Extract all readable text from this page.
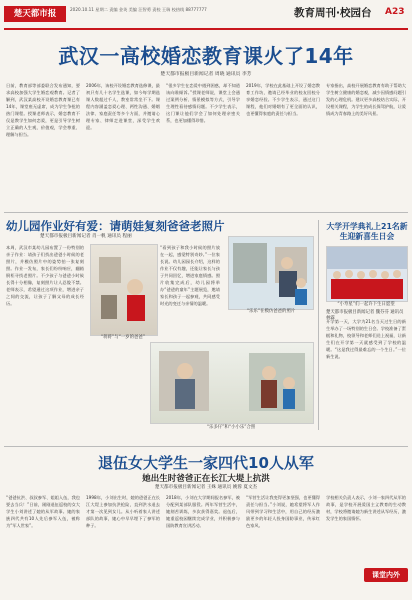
楚天都市报	2020.10.11 星期二 责编 金英 美编 汪智勇 责校 王瑞 校热线 88777777	教育周刊·校园台 A23
武汉一高校婚恋教育课火了14年
楚天都市报极目新闻记者 周晓 通讯员 李芳
日前，教育部等部委联合发布通知，要求高校加强大学生婚恋观教育。记者了解到，武汉某高校开设婚恋教育课已有14年，课堂座无虚席，成为学生争抢的热门课程。授课老师表示，婚恋教育不仅是教学生如何恋爱，更是引导学生树立正确的人生观、价值观，学会尊重、理解与担当。
2006年，该校开设婚恋教育选修课，最初只有几十名学生选课，如今每学期选课人数超过千人，教室常常坐不下。课程内容涵盖恋爱心理、两性沟通、婚姻法律、家庭责任等多个方面，并邀请心理专家、律师走进课堂，深受学生欢迎。
“很多学生在恋爱中遇到困惑，却不知道该向谁倾诉。”授课老师说，课堂上会通过案例分析、情景模拟等方式，引导学生理性看待感情问题。不少学生表示，这门课让他们学会了如何处理亲密关系，也更加懂得珍惜。
2019年，学校在此基础上开设了婚恋教育工作坊，邀请已经毕业的校友回校分享婚恋经验。不少学生表示，通过这门课程，他们对婚姻有了更全面的认识，也更懂得家庭的责任与担当。
专家指出，高校开展婚恋教育有助于帮助大学生树立健康的婚恋观，减少因情感问题引发的心理危机。建议更多高校结合实际，开设相关课程，为学生的成长保驾护航，让爱情成为青春路上的美好风景。
幼儿园作业好有爱：请萌娃复刻爸爸老照片
楚天都市报极目新闻记者 肖一帆 通讯员 程丽
本周，武汉市某幼儿园布置了一份特别的亲子作业：请孩子们找出爸爸小时候的老照片，并模仿照片中的姿势拍一张复刻照。作业一发布，家长们纷纷响应，翻箱倒柜寻找老照片。不少孩子与爸爸小时候长得十分相像，复刻照片让人忍俊不禁。老师表示，希望通过这项作业，增进亲子之间的交流，让孩子了解父母的成长经历。
“看到孩子和我小时候的照片放在一起，感觉特别奇妙。”一位家长说。幼儿园园长介绍，这样的作业不仅有趣，还能让家长与孩子共同回忆，增进家庭情感。照片收集完成后，幼儿园将举办“爸爸的童年”主题展览，邀请家长和孩子一起参观，共同感受时光的变迁与亲情的温暖。
“蒋蒋”与“一岁的爸爸”
“乐乐”在模仿爸爸的照片
“乐多仔”和“小小乐”合照
大学开学典礼上21名新生迎新喜生日会
“小寿星”们一起许下生日愿望
楚天都市报极目新闻记者 魏芬芬 通讯员 林霖
开学第一天，大学为21名当天过生日的新生举办了一场特别的生日会。学校准备了蛋糕和礼物，校领导和老师们送上祝福，让新生们在开学第一天就感受到了学校的温暖。“这是我过得最难忘的一个生日。”一位新生说。
退伍女大学生一家四代10人从军
她出生时爸爸正在长江大堤上抗洪
楚天都市报极目新闻记者 王姝 通讯员 姚蓉 夏文杰
“爸爸抗洪、叔叔参军、姐姐入伍，我也要去当兵！”日前，刚刚退伍返校的女大学生小刘讲述了她的从军故事。她的家族四代共有10人先后参军入伍，被称为“军人世家”。
1998年，小刘出生时，她的爸爸正在长江大堤上参加抗洪抢险，直到洪水退去才第一次见到女儿。从小听着家人讲述部队的故事，她心中早早埋下了参军的种子。
2018年，小刘在大学期间报名参军，被分配到某部队服役。两年军营生活中，她刻苦训练，多次获得嘉奖。退伍后，她重返校园继续完成学业，并积极参与国防教育宣讲活动。
“军营生活让我变得更加坚强，也更懂得责任与担当。”小刘说，她希望将军人作风带到学习和生活中，用自己的经历激励更多的年轻人投身国防事业，传承红色家风。
学校相关负责人表示，小刘一家四代从军的故事，是学校开展爱国主义教育的生动教材，学校将邀请她为新生讲述从军经历，激发学生的家国情怀。
课堂内外
